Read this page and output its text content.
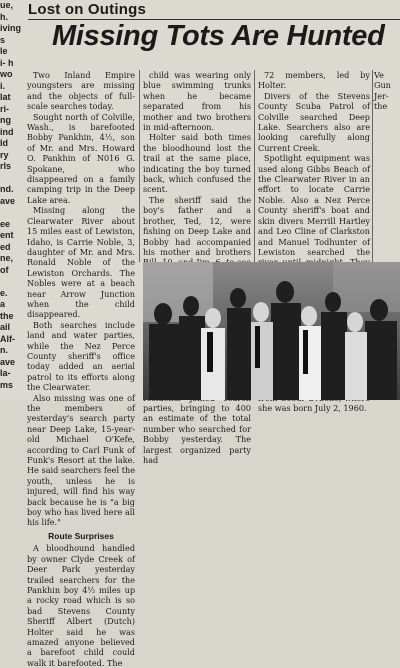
ue,
h.
iving
s
le
i- h
wo
i.
lat
ri-
ng
ind
ld
ry
rls

nd.
ave

ee
ent
ed
ne,
of

e.
a
the
ail
Alf-
n.
ave
la-
ms
Lost on Outings
Missing Tots Are Hunted

Two Inland Empire youngsters are missing and the objects of full-scale searches today.

Sought north of Colville, Wash., is barefooted Bobby Pankhin, 4½, son of Mr. and Mrs. Howard O. Pankhin of N016 G. Spokane, who disappeared on a family camping trip in the Deep Lake area.

Missing along the Clearwater River about 15 miles east of Lewiston, Idaho, is Carrie Noble, 3, daughter of Mr. and Mrs. Ronald Noble of the Lewiston Orchards. The Nobles were at a beach near Arrow Junction when the child disappeared.

Both searches include land and water parties, while the Nez Perce County sheriff's office today added an aerial patrol to its efforts along the Clearwater.

Also missing was one of the members of yesterday's search party near Deep Lake, 15-year-old Michael O'Kefe, according to Carl Funk of Funk's Resort at the lake. He said searchers feel the youth, unless he is injured, will find his way back because he is "a big boy who has lived here all his life."

Route Surprises

A bloodhound handled by owner Clyde Creek of Deer Park yesterday trailed searchers for the Pankhin boy 4½ miles up a rocky road which is so bad Stevens County Sheriff Albert (Dutch) Holter said he was amazed anyone believed a barefoot child could walk it barefooted. The

child was wearing only blue swimming trunks when he became separated from his mother and two brothers in mid-afternoon.

Holter said both times the bloodhound lost the trail at the same place, indicating the boy turned back, which confused the scent.

The sheriff said the boy's father and a brother, Ted, 12, were fishing on Deep Lake and Bobby had accompanied his mother and brothers

parties, bringing to 400 an estimate of the total number who searched for Bobby yesterday. The largest organized party had

72 members, led by Holter.

Divers of the Stevens County Scuba Patrol of Colville searched Deep Lake. Searchers also are looking carefully along Current Creek.

Spotlight equipment was used along Gibbs Beach of the Clearwater River in an effort to locate Carrie Noble. Also a Nez Perce County sheriff's boat and skin divers Merrill Hartley and Leo Cline of Clarkston and Manuel Todhunter of Lewiston searched the

she was born July 2, 1960.

Ve
Gun
Jer-
the
